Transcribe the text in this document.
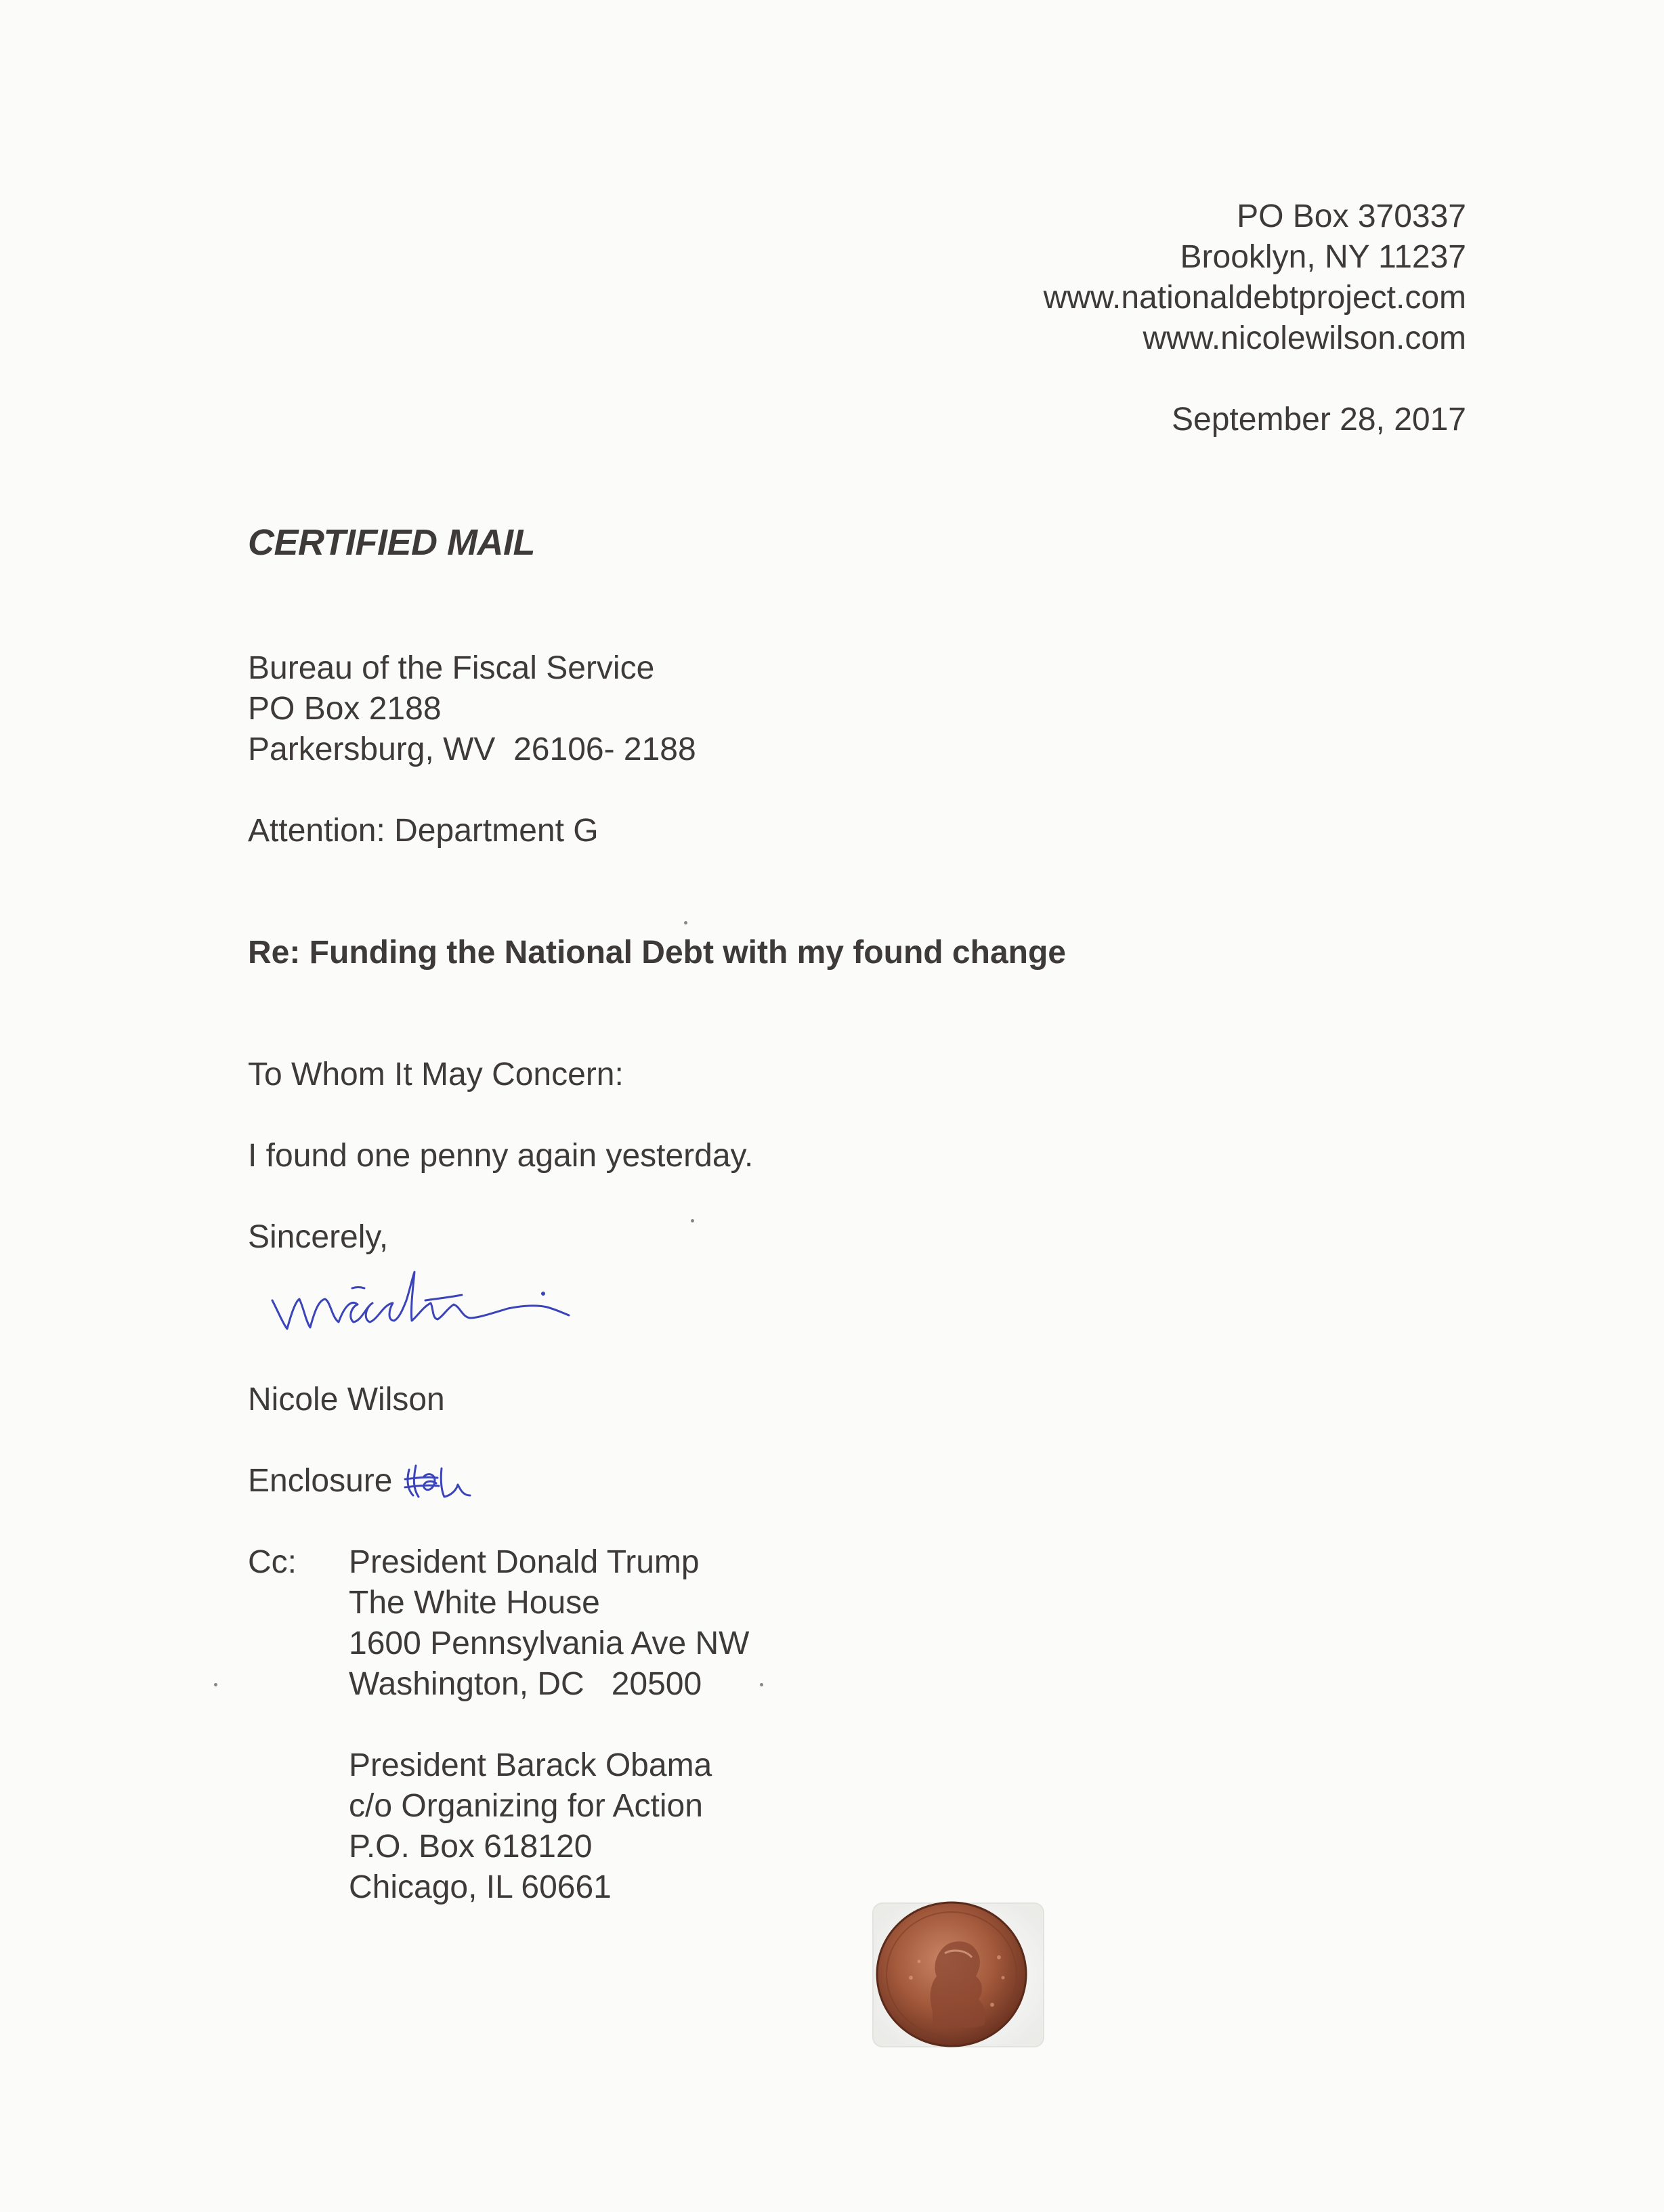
PO Box 370337
Brooklyn, NY 11237
www.nationaldebtproject.com
www.nicolewilson.com
September 28, 2017
CERTIFIED MAIL
Bureau of the Fiscal Service
PO Box 2188
Parkersburg, WV  26106- 2188
Attention: Department G
Re: Funding the National Debt with my found change
To Whom It May Concern:
I found one penny again yesterday.
Sincerely,
Nicole Wilson
Enclosure
Cc: President Donald Trump
The White House
1600 Pennsylvania Ave NW
Washington, DC   20500
President Barack Obama
c/o Organizing for Action
P.O. Box 618120
Chicago, IL 60661
